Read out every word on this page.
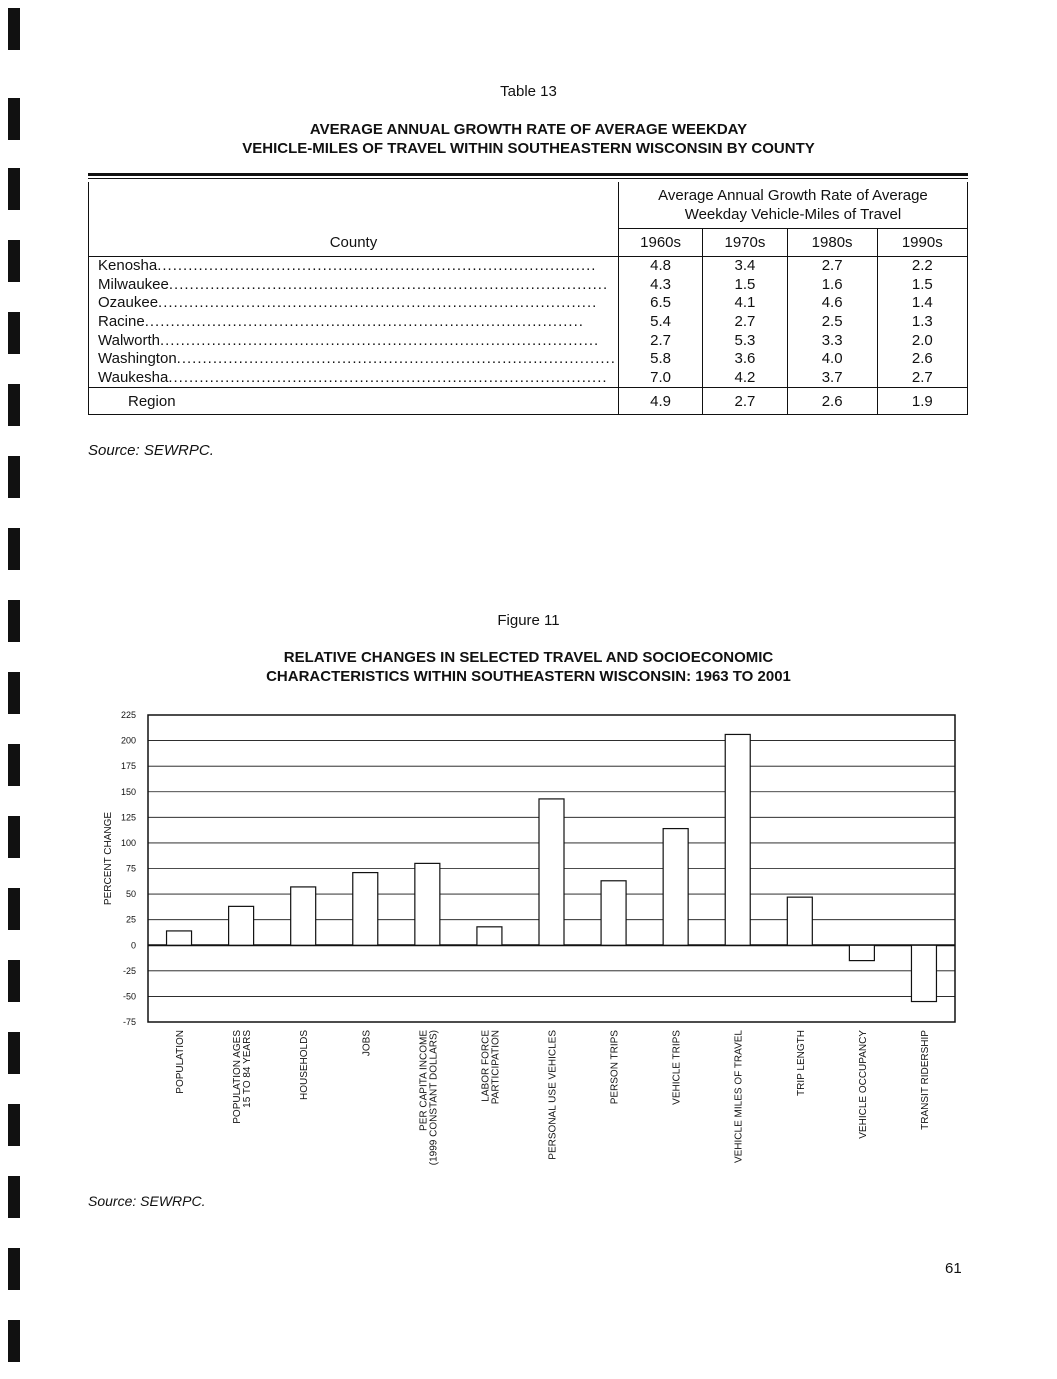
Table 13
AVERAGE ANNUAL GROWTH RATE OF AVERAGE WEEKDAY
VEHICLE-MILES OF TRAVEL WITHIN SOUTHEASTERN WISCONSIN BY COUNTY

	Average Annual Growth Rate of Average
Weekday Vehicle-Miles of Travel			

County	1960s	1970s	1980s	1990s

Kenosha .....................................................................................	4.8	3.4	2.7	2.2

Milwaukee .....................................................................................	4.3	1.5	1.6	1.5

Ozaukee .....................................................................................	6.5	4.1	4.6	1.4

Racine .....................................................................................	5.4	2.7	2.5	1.3

Walworth .....................................................................................	2.7	5.3	3.3	2.0

Washington .....................................................................................	5.8	3.6	4.0	2.6

Waukesha .....................................................................................	7.0	4.2	3.7	2.7
Region	4.9	2.7	2.6	1.9
Source: SEWRPC.
Figure 11
RELATIVE CHANGES IN SELECTED TRAVEL AND SOCIOECONOMIC
CHARACTERISTICS WITHIN SOUTHEASTERN WISCONSIN: 1963 TO 2001
225
200
175
150
125
100
75
50
25
0
-25
-50
-75
POPULATION	POPULATION AGES 15 TO 84 YEARS	HOUSEHOLDS	JOBS	PER CAPITA INCOME (1999 CONSTANT DOLLARS)	LABOR FORCE PARTICIPATION	PERSONAL USE VEHICLES	PERSON TRIPS	VEHICLE TRIPS	VEHICLE MILES OF TRAVEL	TRIP LENGTH	VEHICLE OCCUPANCY	TRANSIT RIDERSHIP
PERCENT CHANGE
Source: SEWRPC.
61
